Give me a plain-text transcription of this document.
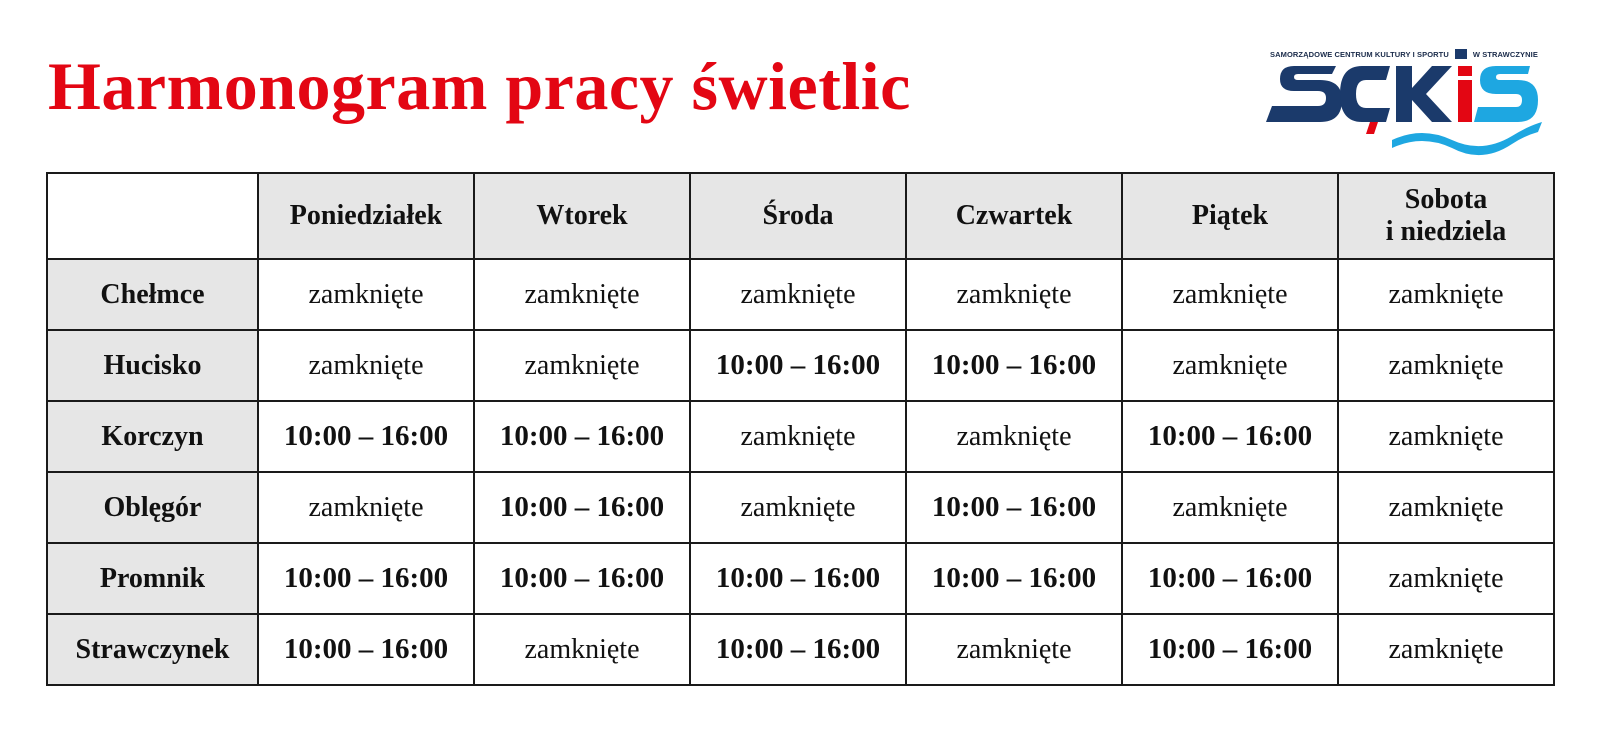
Harmonogram pracy świetlic	SAMORZĄDOWE CENTRUM KULTURY I SPORTU	W STRAWCZYNIE
	Poniedziałek	Wtorek	Środa	Czwartek	Piątek	Sobota
i niedziela
Chełmce	zamknięte	zamknięte	zamknięte	zamknięte	zamknięte	zamknięte
Hucisko	zamknięte	zamknięte	10:00 – 16:00	10:00 – 16:00	zamknięte	zamknięte
Korczyn	10:00 – 16:00	10:00 – 16:00	zamknięte	zamknięte	10:00 – 16:00	zamknięte
Oblęgór	zamknięte	10:00 – 16:00	zamknięte	10:00 – 16:00	zamknięte	zamknięte
Promnik	10:00 – 16:00	10:00 – 16:00	10:00 – 16:00	10:00 – 16:00	10:00 – 16:00	zamknięte
Strawczynek	10:00 – 16:00	zamknięte	10:00 – 16:00	zamknięte	10:00 – 16:00	zamknięte
